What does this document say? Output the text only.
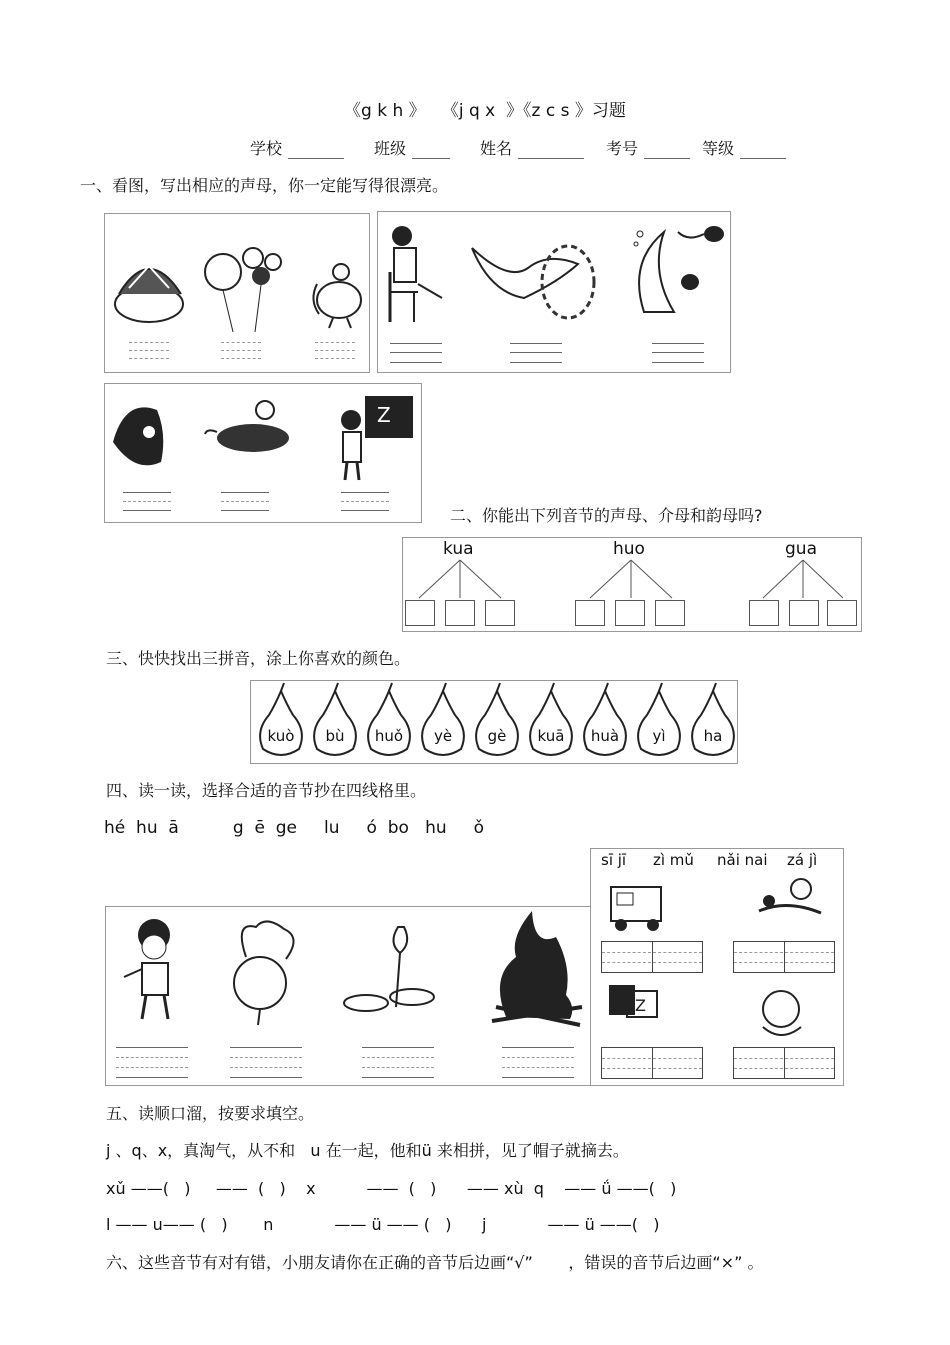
《g k h 》   《j q x  》《z c s 》习题
学校	班级	姓名	考号	等级
一、看图，写出相应的声母，你一定能写得很漂亮。
Z
二、你能出下列音节的声母、介母和韵母吗?
kua	huo	gua
三、快快找出三拼音，涂上你喜欢的颜色。
kuò	bù	huǒ	yè	gè	kuā	huà	yì	ha
四、读一读，选择合适的音节抄在四线格里。
hé  hu  ā          g  ē  ge     lu     ó  bo   hu     ǒ
sī jī zì mǔ nǎi nai zá jì
Z
五、读顺口溜，按要求填空。
j 、q、x，真淘气，从不和   u 在一起，他和ü 来相拼，见了帽子就摘去。
xǔ ——(   )     ——  (   )    x          ——  (   )      —— xù  q    —— ǘ ——(   )
l —— u—— (   )       n            —— ü —— (   )      j            —— ü ——(   )
六、这些音节有对有错，小朋友请你在正确的音节后边画“√”       ，错误的音节后边画“×” 。
